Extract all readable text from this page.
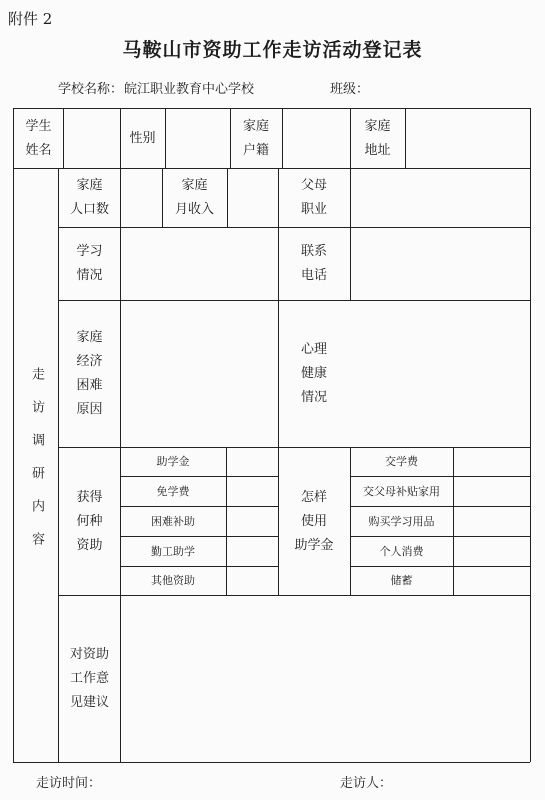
附件 2
马鞍山市资助工作走访活动登记表
学校名称： 皖江职业教育中心学校	班级：
学生
姓名
性别
家庭
户籍
家庭
地址
走访调研内容
家庭
人口数
家庭
月收入
父母
职业
学习
情况
联系
电话
家庭
经济
困难
原因
心理
健康
情况
获得
何种
资助
助学金
免学费
困难补助
勤工助学
其他资助
怎样
使用
助学金
交学费
交父母补贴家用
购买学习用品
个人消费
储蓄
对资助
工作意
见建议
走访时间：	走访人：
